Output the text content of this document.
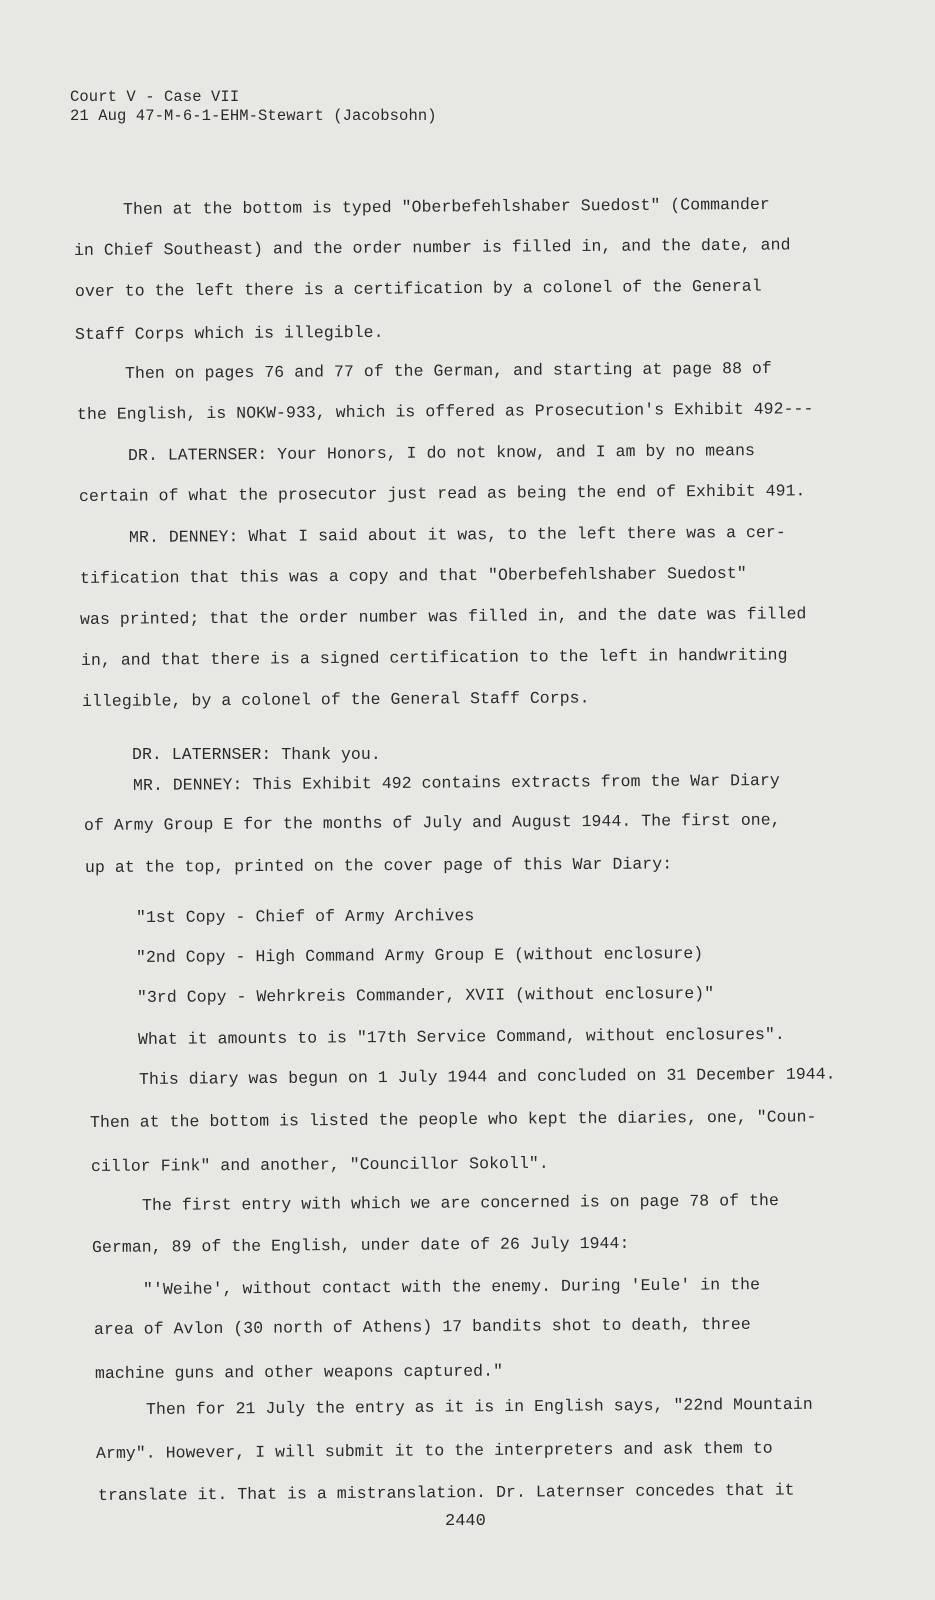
Court V - Case VII
21 Aug 47-M-6-1-EHM-Stewart (Jacobsohn)
Then at the bottom is typed "Oberbefehlshaber Suedost" (Commander
in Chief Southeast) and the order number is filled in, and the date, and
over to the left there is a certification by a colonel of the General
Staff Corps which is illegible.
Then on pages 76 and 77 of the German, and starting at page 88 of
the English, is NOKW-933, which is offered as Prosecution's Exhibit 492---
DR. LATERNSER: Your Honors, I do not know, and I am by no means
certain of what the prosecutor just read as being the end of Exhibit 491.
MR. DENNEY: What I said about it was, to the left there was a cer-
tification that this was a copy and that "Oberbefehlshaber Suedost"
was printed; that the order number was filled in, and the date was filled
in, and that there is a signed certification to the left in handwriting
illegible, by a colonel of the General Staff Corps.
DR. LATERNSER: Thank you.
MR. DENNEY: This Exhibit 492 contains extracts from the War Diary
of Army Group E for the months of July and August 1944. The first one,
up at the top, printed on the cover page of this War Diary:
"1st Copy - Chief of Army Archives
"2nd Copy - High Command Army Group E (without enclosure)
"3rd Copy - Wehrkreis Commander, XVII (without enclosure)"
What it amounts to is "17th Service Command, without enclosures".
This diary was begun on 1 July 1944 and concluded on 31 December 1944.
Then at the bottom is listed the people who kept the diaries, one, "Coun-
cillor Fink" and another, "Councillor Sokoll".
The first entry with which we are concerned is on page 78 of the
German, 89 of the English, under date of 26 July 1944:
"'Weihe', without contact with the enemy. During 'Eule' in the
area of Avlon (30 north of Athens) 17 bandits shot to death, three
machine guns and other weapons captured."
Then for 21 July the entry as it is in English says, "22nd Mountain
Army". However, I will submit it to the interpreters and ask them to
translate it. That is a mistranslation. Dr. Laternser concedes that it
2440
